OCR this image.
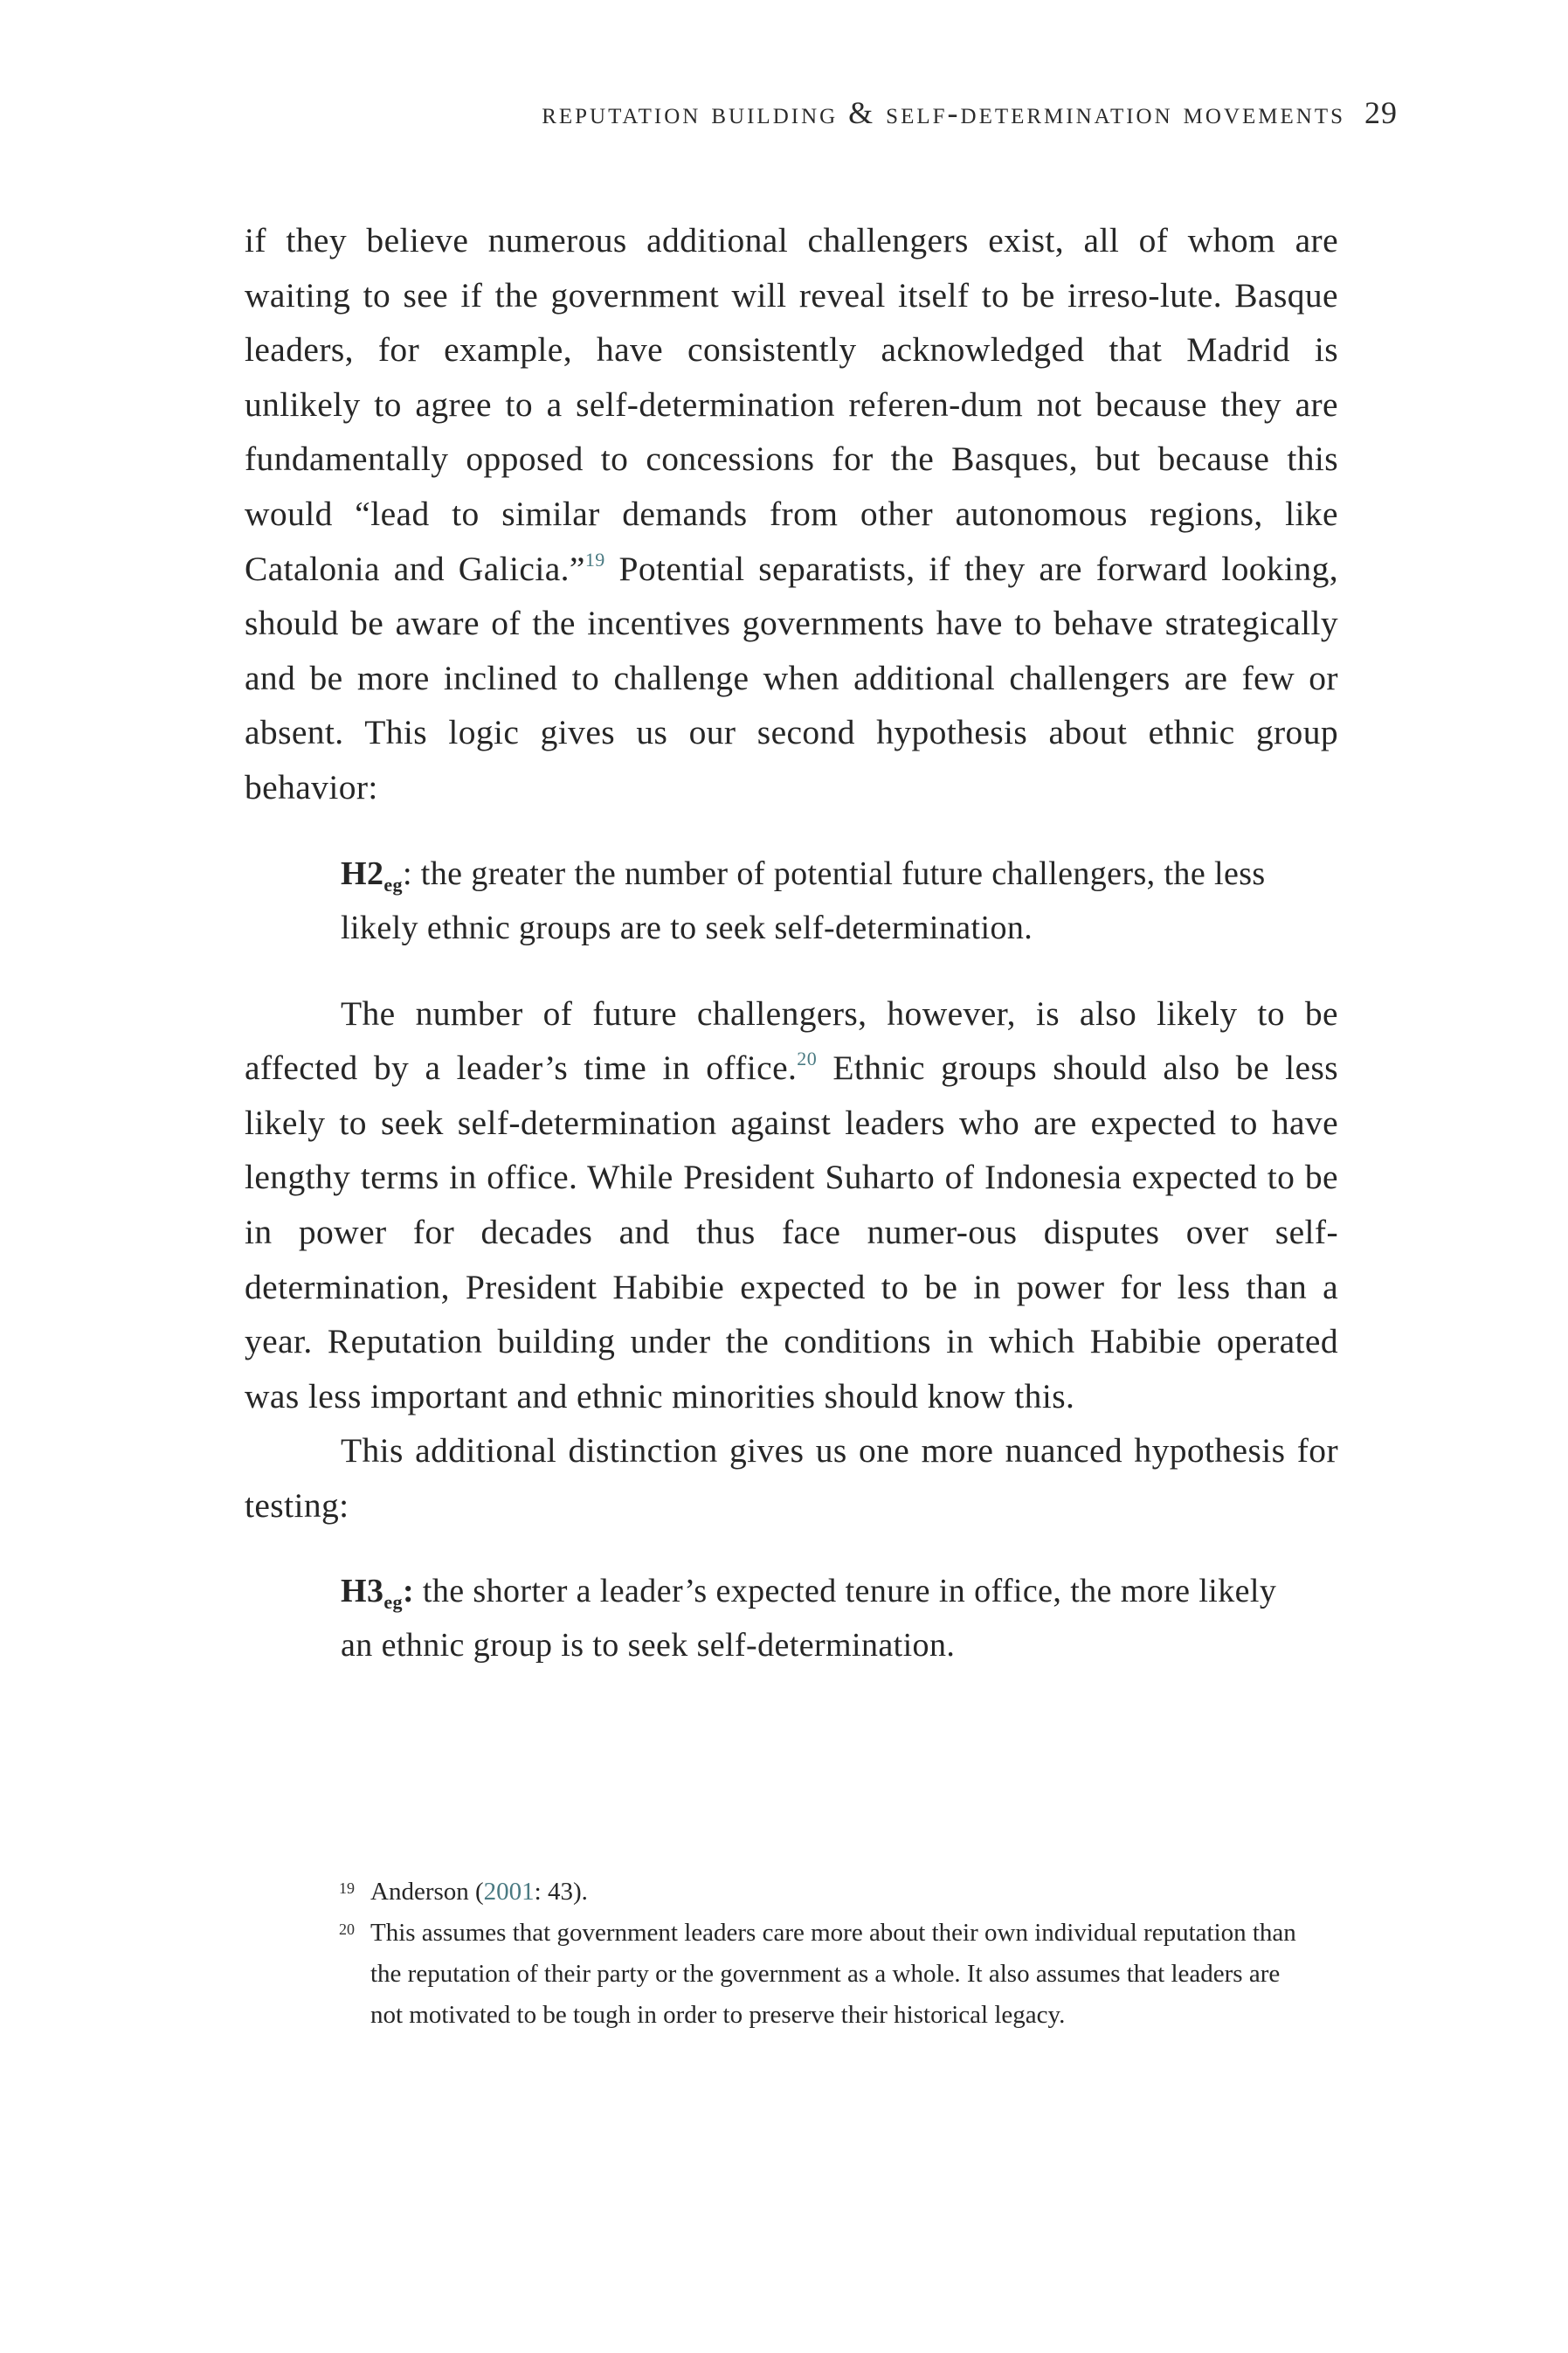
reputation building & self-determination movements 29

if they believe numerous additional challengers exist, all of whom are waiting to see if the government will reveal itself to be irreso-lute. Basque leaders, for example, have consistently acknowledged that Madrid is unlikely to agree to a self-determination referen-dum not because they are fundamentally opposed to concessions for the Basques, but because this would “lead to similar demands from other autonomous regions, like Catalonia and Galicia.”$^{19}$ Potential separatists, if they are forward looking, should be aware of the incentives governments have to behave strategically and be more inclined to challenge when additional challengers are few or absent. This logic gives us our second hypothesis about ethnic group behavior:

$H2_{eg}$: the greater the number of potential future challengers, the less likely ethnic groups are to seek self-determination.

The number of future challengers, however, is also likely to be affected by a leader’s time in office.$^{20}$ Ethnic groups should also be less likely to seek self-determination against leaders who are expected to have lengthy terms in office. While President Suharto of Indonesia expected to be in power for decades and thus face numer-ous disputes over self-determination, President Habibie expected to be in power for less than a year. Reputation building under the conditions in which Habibie operated was less important and ethnic minorities should know this.

This additional distinction gives us one more nuanced hypothesis for testing:

$H3_{eg}$: the shorter a leader’s expected tenure in office, the more likely an ethnic group is to seek self-determination.
19 Anderson (2001: 43).
20 This assumes that government leaders care more about their own individual reputation than the reputation of their party or the government as a whole. It also assumes that leaders are not motivated to be tough in order to preserve their historical legacy.
